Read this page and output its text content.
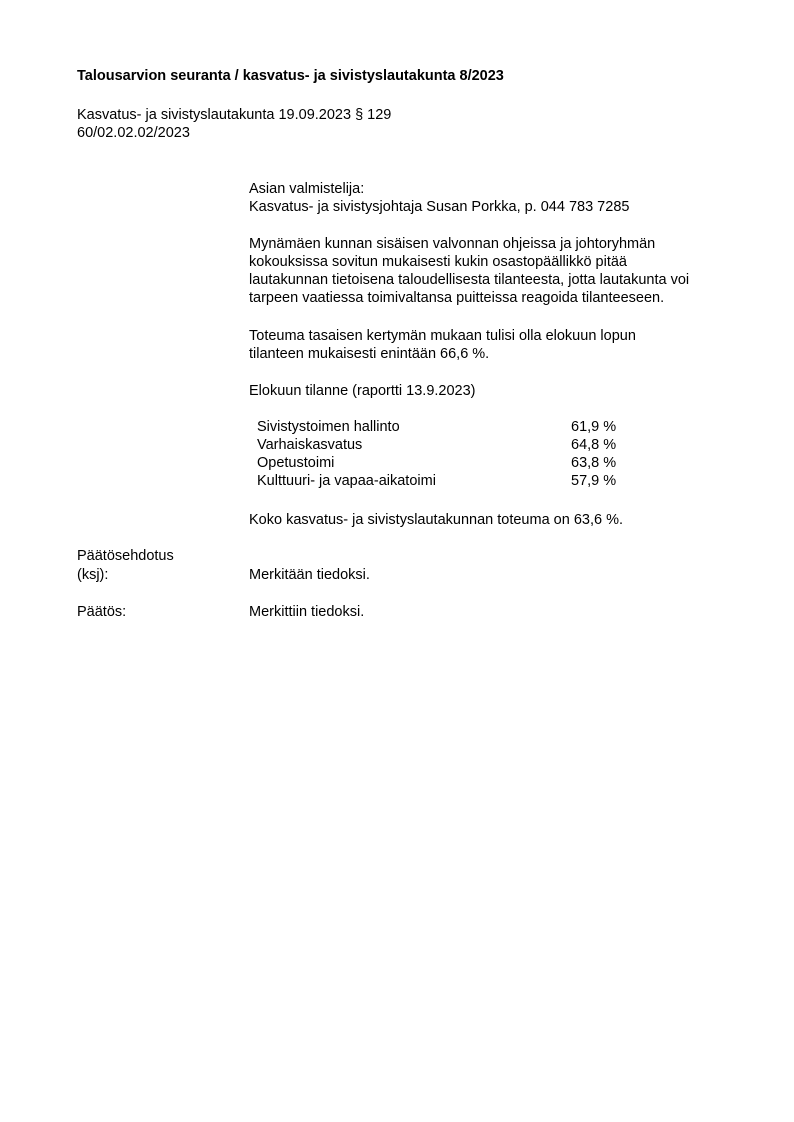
Talousarvion seuranta / kasvatus- ja sivistyslautakunta 8/2023
Kasvatus- ja sivistyslautakunta 19.09.2023 § 129
60/02.02.02/2023
Asian valmistelija:
Kasvatus- ja sivistysjohtaja Susan Porkka, p. 044 783 7285
Mynämäen kunnan sisäisen valvonnan ohjeissa ja johtoryhmän
kokouksissa sovitun mukaisesti kukin osastopäällikkö pitää
lautakunnan tietoisena taloudellisesta tilanteesta, jotta lautakunta voi
tarpeen vaatiessa toimivaltansa puitteissa reagoida tilanteeseen.
Toteuma tasaisen kertymän mukaan tulisi olla elokuun lopun
tilanteen mukaisesti enintään 66,6 %.
Elokuun tilanne (raportti 13.9.2023)
Sivistystoimen hallinto	61,9 %
Varhaiskasvatus	64,8 %
Opetustoimi	63,8 %
Kulttuuri- ja vapaa-aikatoimi	57,9 %
Koko kasvatus- ja sivistyslautakunnan toteuma on 63,6 %.
Päätösehdotus
(ksj):	Merkitään tiedoksi.
Päätös:	Merkittiin tiedoksi.
